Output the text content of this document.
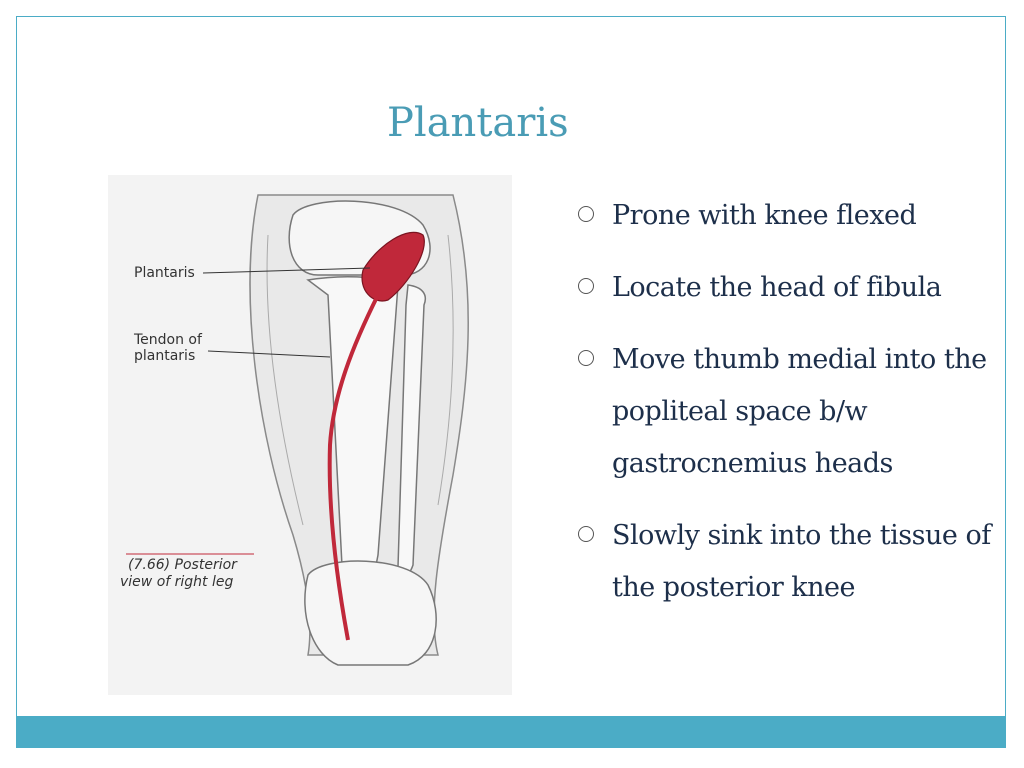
Plantaris
Plantaris
Tendon of
plantaris
(7.66) Posterior
view of right leg
Prone with knee flexed
Locate the head of fibula
Move thumb medial into the popliteal space b/w gastrocnemius heads
Slowly sink into the tissue of the posterior knee
